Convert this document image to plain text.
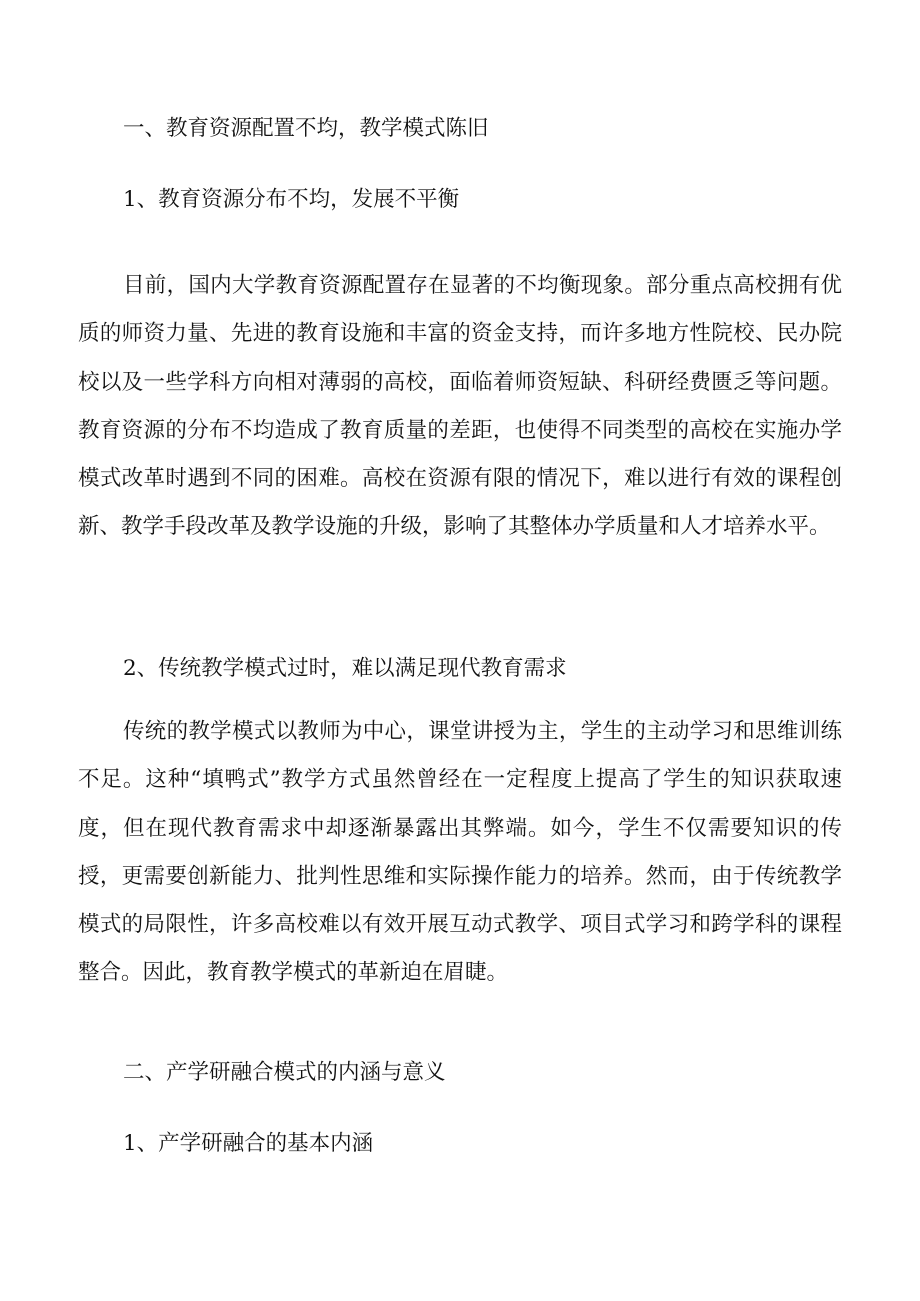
一、教育资源配置不均，教学模式陈旧
1、教育资源分布不均，发展不平衡

目前，国内大学教育资源配置存在显著的不均衡现象。部分重点高校拥有优质的师资力量、先进的教育设施和丰富的资金支持，而许多地方性院校、民办院校以及一些学科方向相对薄弱的高校，面临着师资短缺、科研经费匮乏等问题。教育资源的分布不均造成了教育质量的差距，也使得不同类型的高校在实施办学模式改革时遇到不同的困难。高校在资源有限的情况下，难以进行有效的课程创新、教学手段改革及教学设施的升级，影响了其整体办学质量和人才培养水平。

2、传统教学模式过时，难以满足现代教育需求

传统的教学模式以教师为中心，课堂讲授为主，学生的主动学习和思维训练不足。这种“填鸭式”教学方式虽然曾经在一定程度上提高了学生的知识获取速度，但在现代教育需求中却逐渐暴露出其弊端。如今，学生不仅需要知识的传授，更需要创新能力、批判性思维和实际操作能力的培养。然而，由于传统教学模式的局限性，许多高校难以有效开展互动式教学、项目式学习和跨学科的课程整合。因此，教育教学模式的革新迫在眉睫。

二、产学研融合模式的内涵与意义
1、产学研融合的基本内涵
